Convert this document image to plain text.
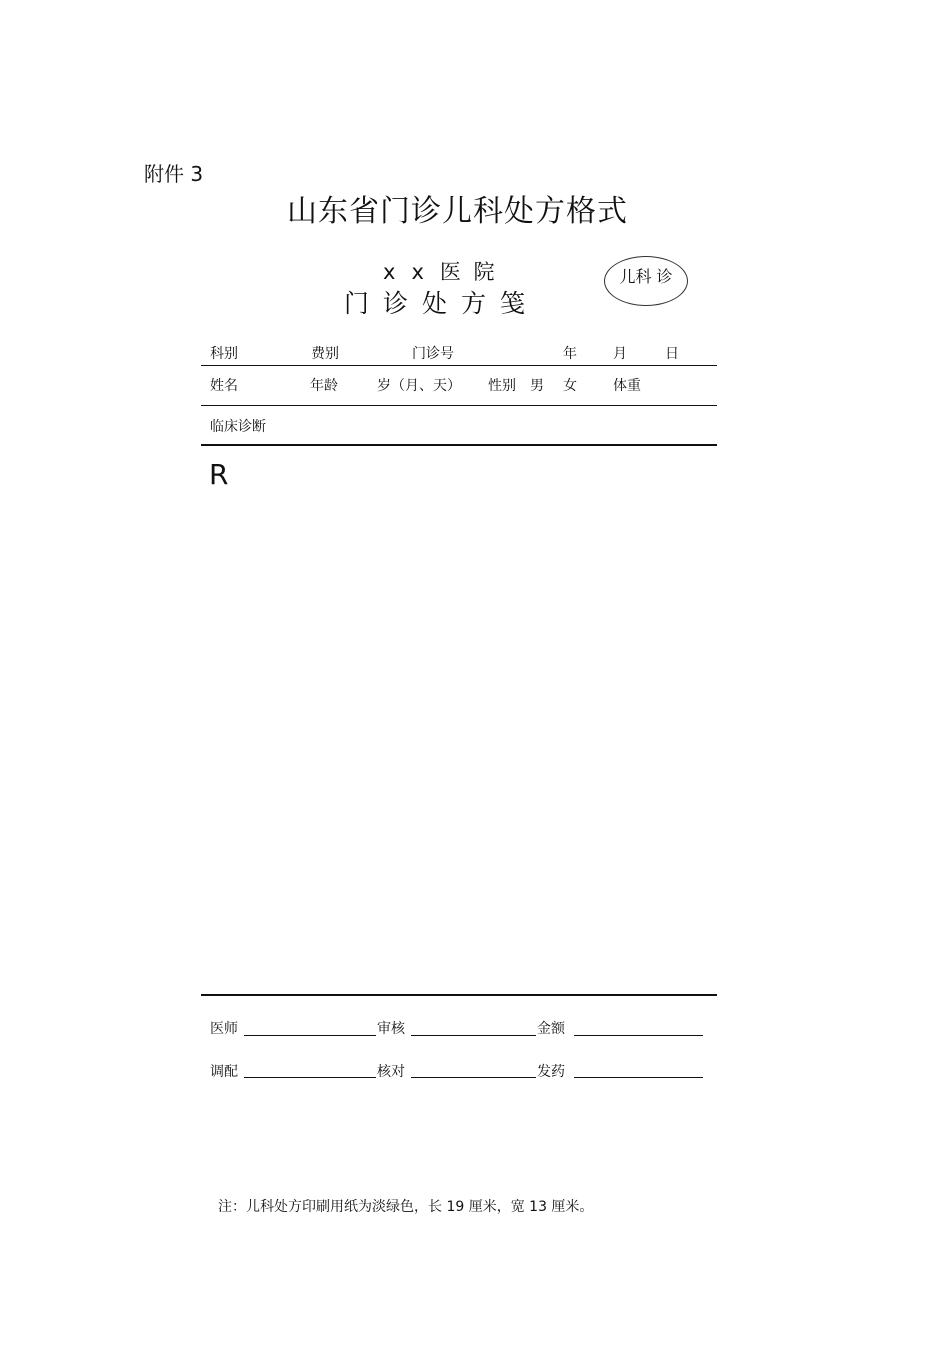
附件 3
山东省门诊儿科处方格式
x x 医 院
门诊处方笺
儿科 诊
科别	费别	门诊号	年	月	日
姓名	年龄	岁（月、天） 性别 男 女	体重
临床诊断
R
医师	审核	金额
调配	核对	发药
注：儿科处方印刷用纸为淡绿色，长 19 厘米，宽 13 厘米。
